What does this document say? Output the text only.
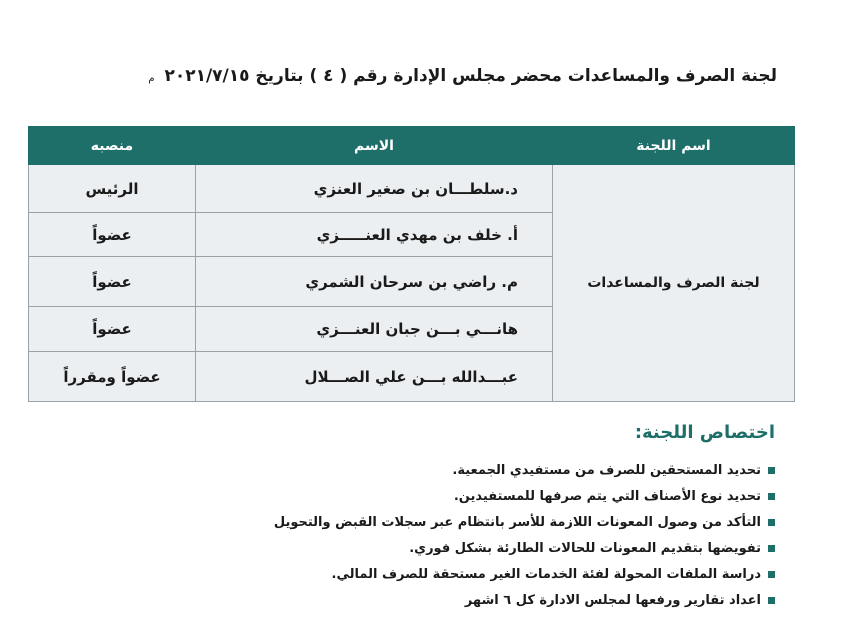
لجنة الصرف والمساعدات محضر مجلس الإدارة رقم ( ٤ ) بتاريخ ٢٠٢١/٧/١٥ م
اسم اللجنة	الاسم	منصبه
لجنة الصرف والمساعدات	د.سلطـــان بن صغير العنزي	الرئيس
	أ. خلف بن مهدي العنـــــزي	عضواً
	م. راضي بن سرحان الشمري	عضواً
	هانـــي بـــن جبان العنـــزي	عضواً
	عبـــدالله بـــن علي الصـــلال	عضواً ومقرراً
اختصاص اللجنة:
تحديد المستحقين للصرف من مستفيدي الجمعية.
تحديد نوع الأصناف التي يتم صرفها للمستفيدين.
التأكد من وصول المعونات اللازمة للأسر بانتظام عبر سجلات القبض والتحويل
تفويضها بتقديم المعونات للحالات الطارئة بشكل فوري.
دراسة الملفات المحولة لفئة الخدمات الغير مستحقة للصرف المالي.
اعداد تقارير ورفعها لمجلس الادارة كل ٦ اشهر
